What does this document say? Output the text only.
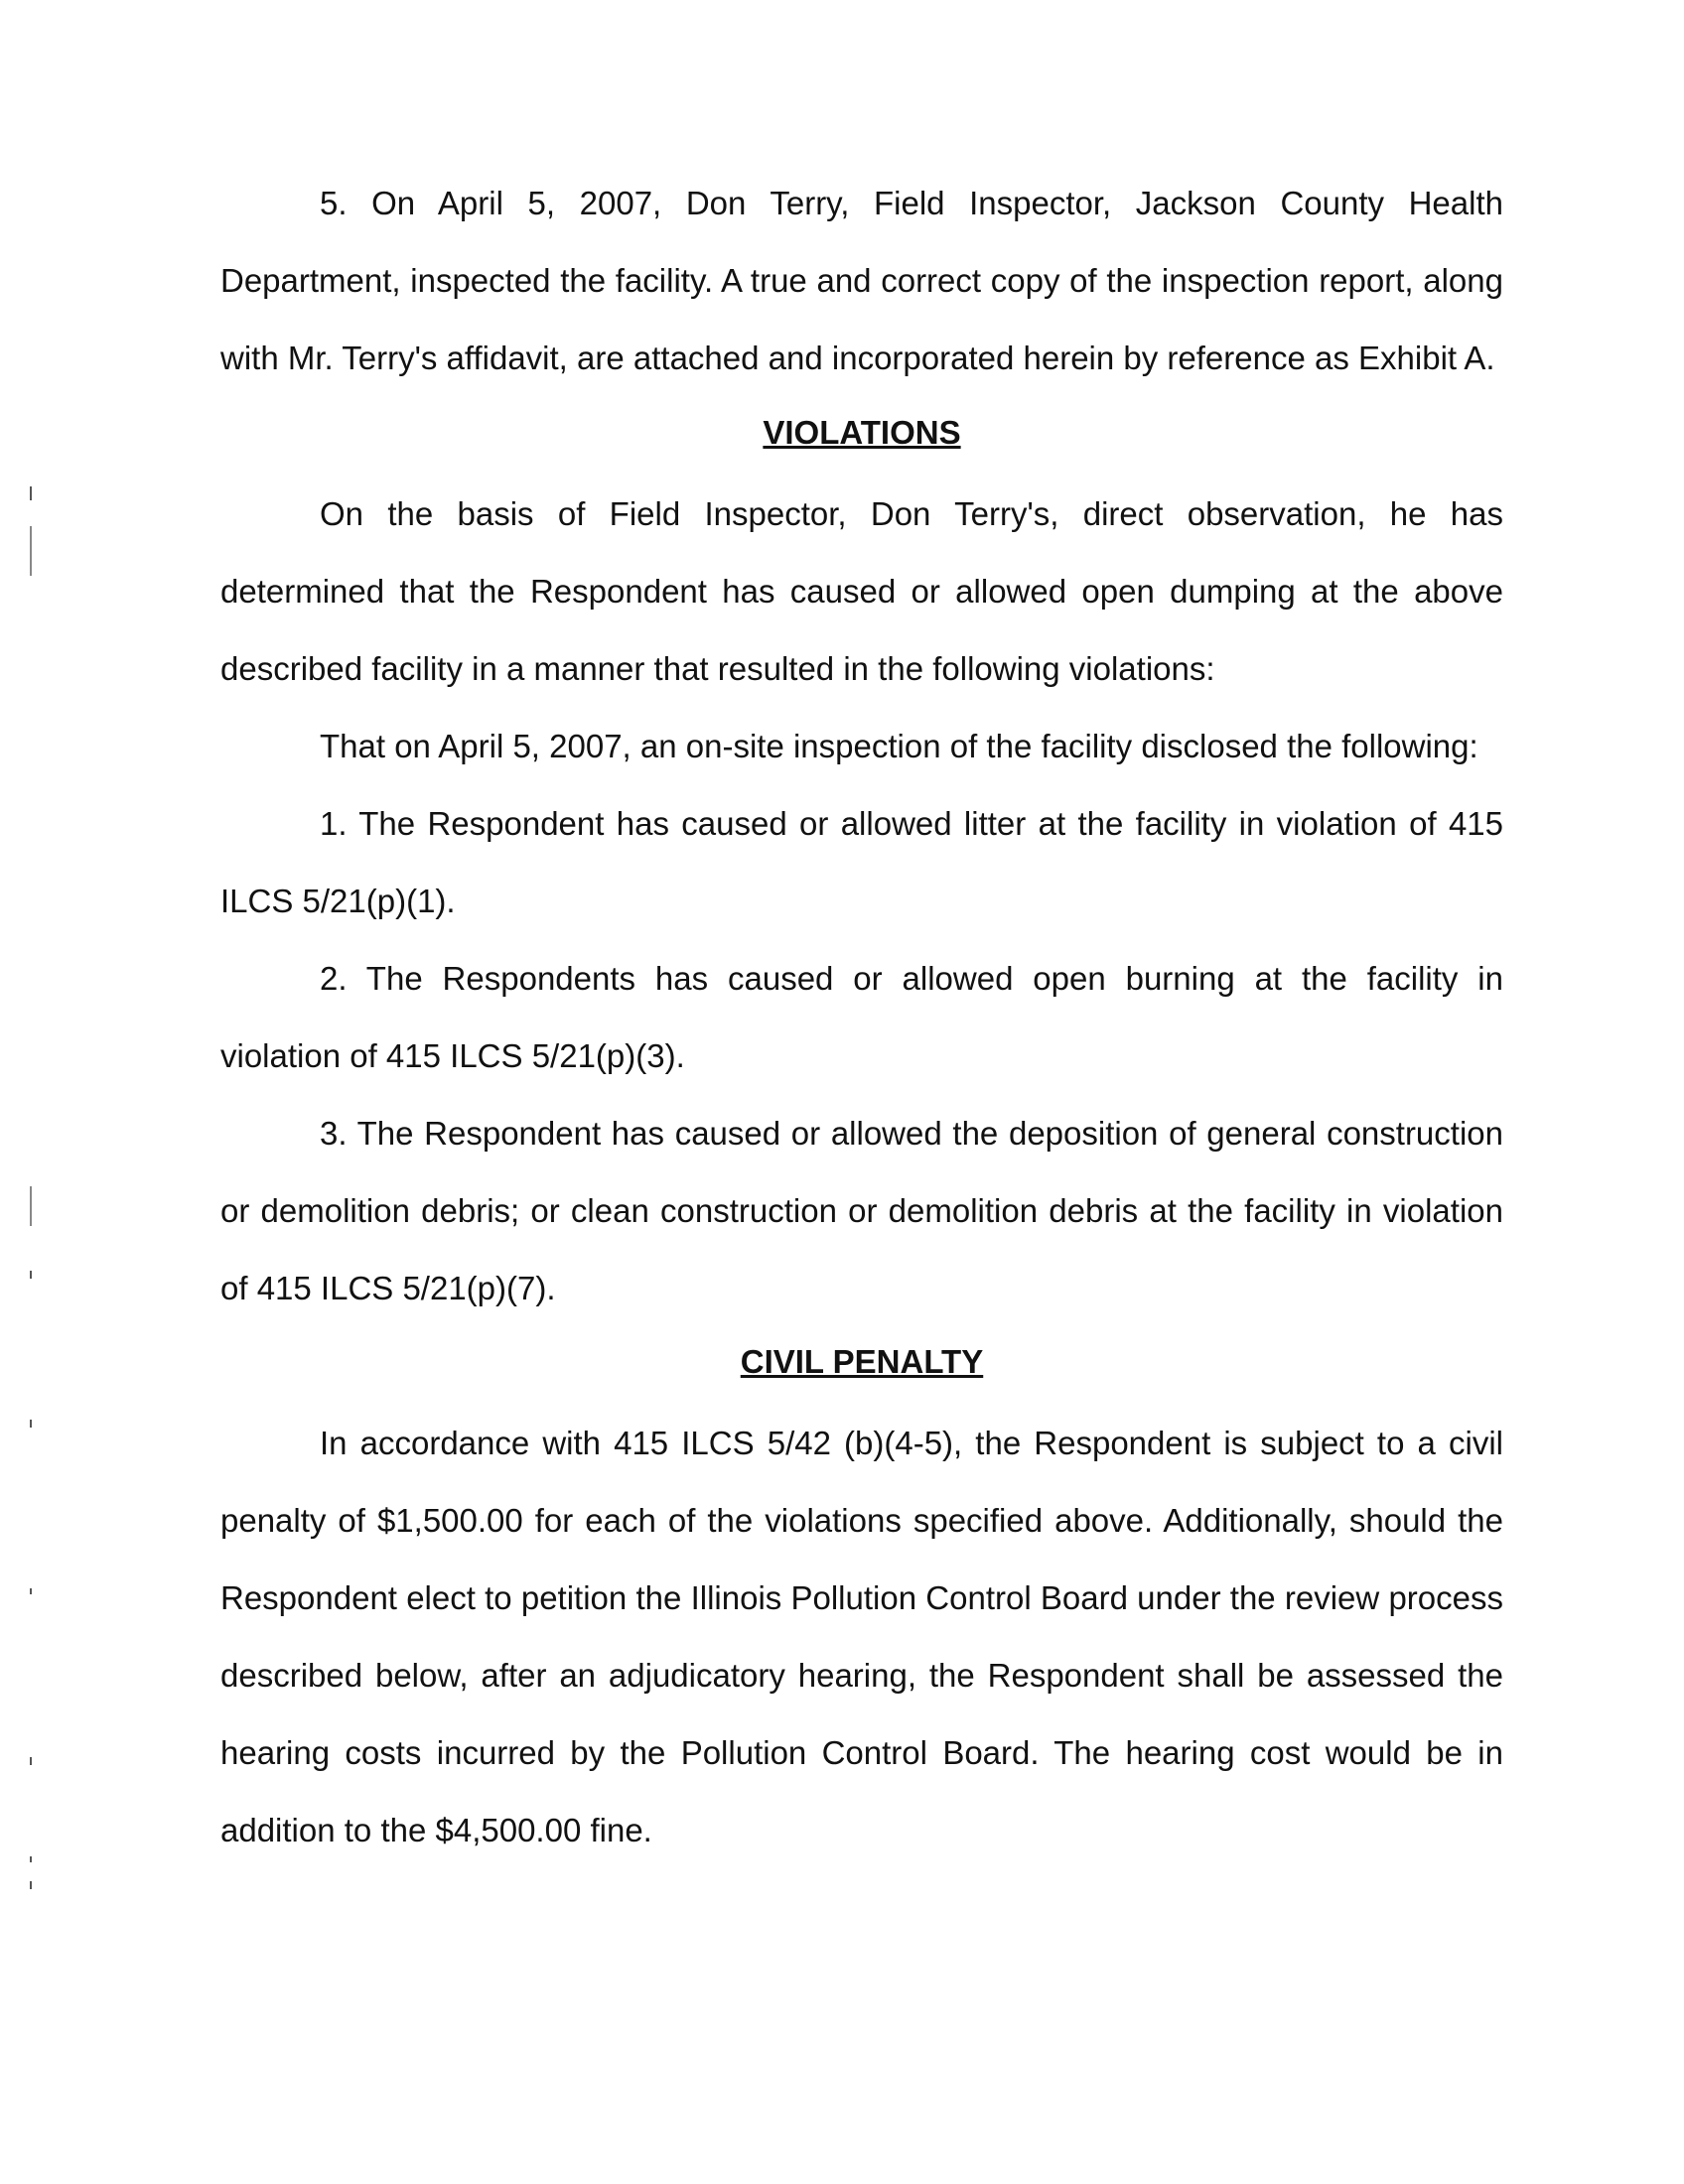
5. On April 5, 2007, Don Terry, Field Inspector, Jackson County Health Department, inspected the facility. A true and correct copy of the inspection report, along with Mr. Terry's affidavit, are attached and incorporated herein by reference as Exhibit A.

VIOLATIONS

On the basis of Field Inspector, Don Terry's, direct observation, he has determined that the Respondent has caused or allowed open dumping at the above described facility in a manner that resulted in the following violations:

That on April 5, 2007, an on-site inspection of the facility disclosed the following:

1. The Respondent has caused or allowed litter at the facility in violation of 415 ILCS 5/21(p)(1).

2. The Respondents has caused or allowed open burning at the facility in violation of 415 ILCS 5/21(p)(3).

3. The Respondent has caused or allowed the deposition of general construction or demolition debris; or clean construction or demolition debris at the facility in violation of 415 ILCS 5/21(p)(7).

CIVIL PENALTY

In accordance with 415 ILCS 5/42 (b)(4-5), the Respondent is subject to a civil penalty of $1,500.00 for each of the violations specified above. Additionally, should the Respondent elect to petition the Illinois Pollution Control Board under the review process described below, after an adjudicatory hearing, the Respondent shall be assessed the hearing costs incurred by the Pollution Control Board. The hearing cost would be in addition to the $4,500.00 fine.
